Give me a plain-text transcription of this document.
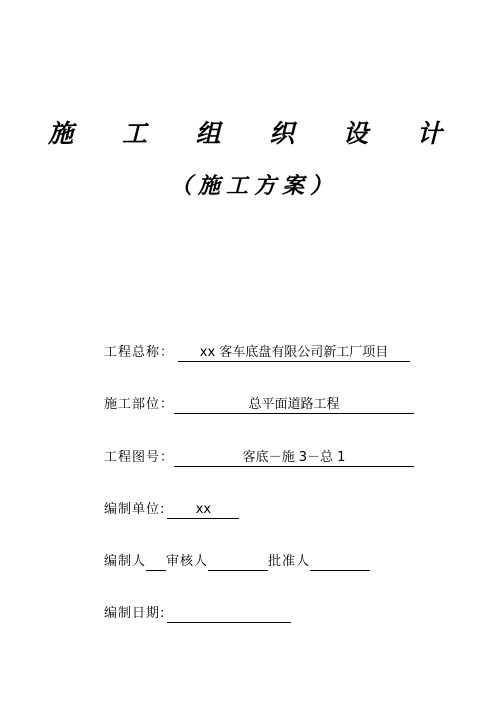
施 工 组 织 设 计
（施工方案）
工程总称： xx 客车底盘有限公司新工厂项目
施工部位：	总平面道路工程
工程图号：	客底－施 3－总 1
编制单位: xx
编制人 审核人	批准人
编制日期:
